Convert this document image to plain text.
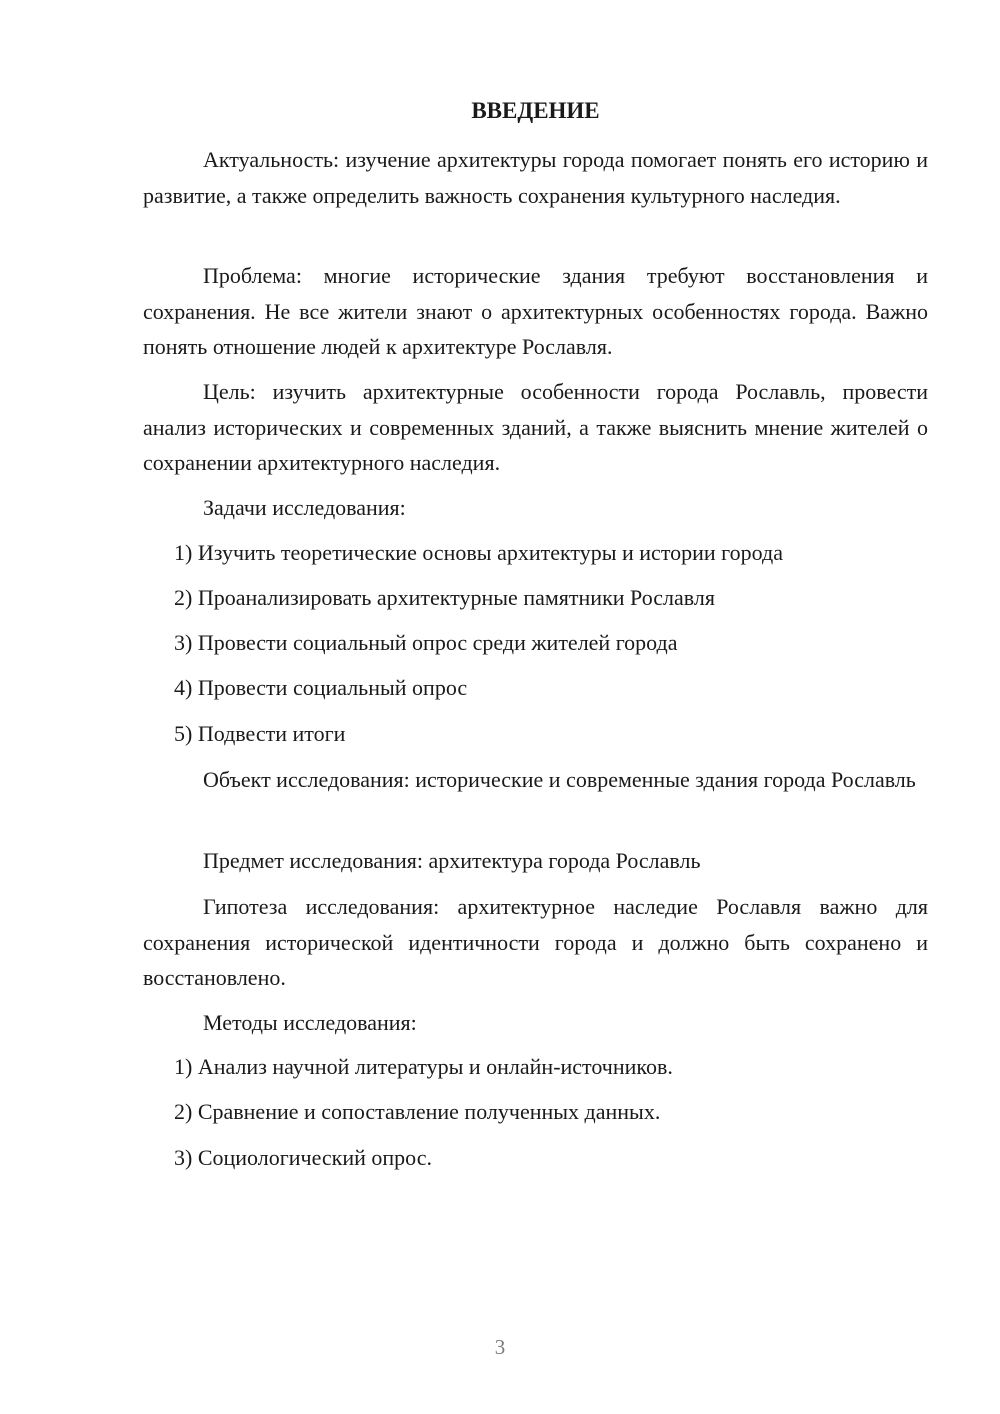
ВВЕДЕНИЕ

Актуальность: изучение архитектуры города помогает понять его историю и развитие, а также определить важность сохранения культурного наследия.

Проблема: многие исторические здания требуют восстановления и сохранения. Не все жители знают о архитектурных особенностях города. Важно понять отношение людей к архитектуре Рославля.

Цель: изучить архитектурные особенности города Рославль, провести анализ исторических и современных зданий, а также выяснить мнение жителей о сохранении архитектурного наследия.

Задачи исследования:

1) Изучить теоретические основы архитектуры и истории города

2) Проанализировать архитектурные памятники Рославля

3) Провести социальный опрос среди жителей города

4) Провести социальный опрос

5) Подвести итоги

Объект исследования: исторические и современные здания города Рославль

Предмет исследования: архитектура города Рославль

Гипотеза исследования: архитектурное наследие Рославля важно для сохранения исторической идентичности города и должно быть сохранено и восстановлено.

Методы исследования:

1) Анализ научной литературы и онлайн-источников.

2) Сравнение и сопоставление полученных данных.

3) Социологический опрос.

3
